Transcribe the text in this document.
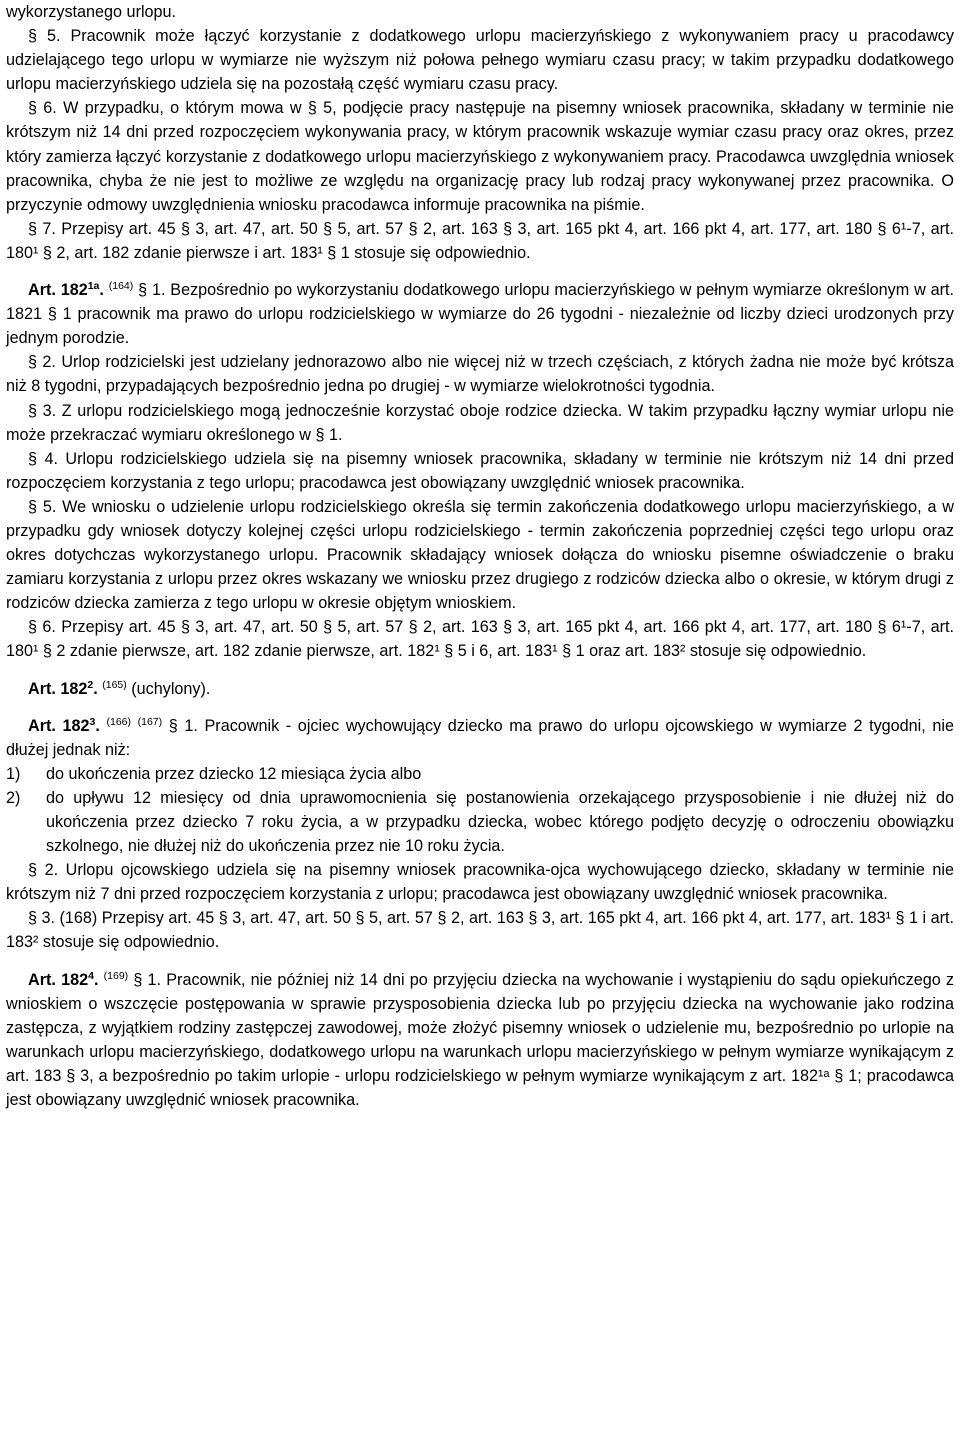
wykorzystanego urlopu.

§ 5. Pracownik może łączyć korzystanie z dodatkowego urlopu macierzyńskiego z wykonywaniem pracy u pracodawcy udzielającego tego urlopu w wymiarze nie wyższym niż połowa pełnego wymiaru czasu pracy; w takim przypadku dodatkowego urlopu macierzyńskiego udziela się na pozostałą część wymiaru czasu pracy.

§ 6. W przypadku, o którym mowa w § 5, podjęcie pracy następuje na pisemny wniosek pracownika, składany w terminie nie krótszym niż 14 dni przed rozpoczęciem wykonywania pracy, w którym pracownik wskazuje wymiar czasu pracy oraz okres, przez który zamierza łączyć korzystanie z dodatkowego urlopu macierzyńskiego z wykonywaniem pracy. Pracodawca uwzględnia wniosek pracownika, chyba że nie jest to możliwe ze względu na organizację pracy lub rodzaj pracy wykonywanej przez pracownika. O przyczynie odmowy uwzględnienia wniosku pracodawca informuje pracownika na piśmie.

§ 7. Przepisy art. 45 § 3, art. 47, art. 50 § 5, art. 57 § 2, art. 163 § 3, art. 165 pkt 4, art. 166 pkt 4, art. 177, art. 180 § 6¹-7, art. 180¹ § 2, art. 182 zdanie pierwsze i art. 183¹ § 1 stosuje się odpowiednio.

Art. $182^{1a}$. $^{(164)}$ § 1. Bezpośrednio po wykorzystaniu dodatkowego urlopu macierzyńskiego w pełnym wymiarze określonym w art. 1821 § 1 pracownik ma prawo do urlopu rodzicielskiego w wymiarze do 26 tygodni - niezależnie od liczby dzieci urodzonych przy jednym porodzie.

§ 2. Urlop rodzicielski jest udzielany jednorazowo albo nie więcej niż w trzech częściach, z których żadna nie może być krótsza niż 8 tygodni, przypadających bezpośrednio jedna po drugiej - w wymiarze wielokrotności tygodnia.

§ 3. Z urlopu rodzicielskiego mogą jednocześnie korzystać oboje rodzice dziecka. W takim przypadku łączny wymiar urlopu nie może przekraczać wymiaru określonego w § 1.

§ 4. Urlopu rodzicielskiego udziela się na pisemny wniosek pracownika, składany w terminie nie krótszym niż 14 dni przed rozpoczęciem korzystania z tego urlopu; pracodawca jest obowiązany uwzględnić wniosek pracownika.

§ 5. We wniosku o udzielenie urlopu rodzicielskiego określa się termin zakończenia dodatkowego urlopu macierzyńskiego, a w przypadku gdy wniosek dotyczy kolejnej części urlopu rodzicielskiego - termin zakończenia poprzedniej części tego urlopu oraz okres dotychczas wykorzystanego urlopu. Pracownik składający wniosek dołącza do wniosku pisemne oświadczenie o braku zamiaru korzystania z urlopu przez okres wskazany we wniosku przez drugiego z rodziców dziecka albo o okresie, w którym drugi z rodziców dziecka zamierza z tego urlopu w okresie objętym wnioskiem.

§ 6. Przepisy art. 45 § 3, art. 47, art. 50 § 5, art. 57 § 2, art. 163 § 3, art. 165 pkt 4, art. 166 pkt 4, art. 177, art. 180 § 6¹-7, art. 180¹ § 2 zdanie pierwsze, art. 182 zdanie pierwsze, art. 182¹ § 5 i 6, art. 183¹ § 1 oraz art. 183² stosuje się odpowiednio.

Art. $182^2$. $^{(165)}$ (uchylony).

Art. $182^3$. $^{(166)}$ $^{(167)}$ § 1. Pracownik - ojciec wychowujący dziecko ma prawo do urlopu ojcowskiego w wymiarze 2 tygodni, nie dłużej jednak niż:

1)	do ukończenia przez dziecko 12 miesiąca życia albo
2)	do upływu 12 miesięcy od dnia uprawomocnienia się postanowienia orzekającego przysposobienie i nie dłużej niż do ukończenia przez dziecko 7 roku życia, a w przypadku dziecka, wobec którego podjęto decyzję o odroczeniu obowiązku szkolnego, nie dłużej niż do ukończenia przez nie 10 roku życia.

§ 2. Urlopu ojcowskiego udziela się na pisemny wniosek pracownika-ojca wychowującego dziecko, składany w terminie nie krótszym niż 7 dni przed rozpoczęciem korzystania z urlopu; pracodawca jest obowiązany uwzględnić wniosek pracownika.

§ 3. (168) Przepisy art. 45 § 3, art. 47, art. 50 § 5, art. 57 § 2, art. 163 § 3, art. 165 pkt 4, art. 166 pkt 4, art. 177, art. 183¹ § 1 i art. 183² stosuje się odpowiednio.

Art. $182^4$. $^{(169)}$ § 1. Pracownik, nie później niż 14 dni po przyjęciu dziecka na wychowanie i wystąpieniu do sądu opiekuńczego z wnioskiem o wszczęcie postępowania w sprawie przysposobienia dziecka lub po przyjęciu dziecka na wychowanie jako rodzina zastępcza, z wyjątkiem rodziny zastępczej zawodowej, może złożyć pisemny wniosek o udzielenie mu, bezpośrednio po urlopie na warunkach urlopu macierzyńskiego, dodatkowego urlopu na warunkach urlopu macierzyńskiego w pełnym wymiarze wynikającym z art. 183 § 3, a bezpośrednio po takim urlopie - urlopu rodzicielskiego w pełnym wymiarze wynikającym z art. 182¹ᵃ § 1; pracodawca jest obowiązany uwzględnić wniosek pracownika.
